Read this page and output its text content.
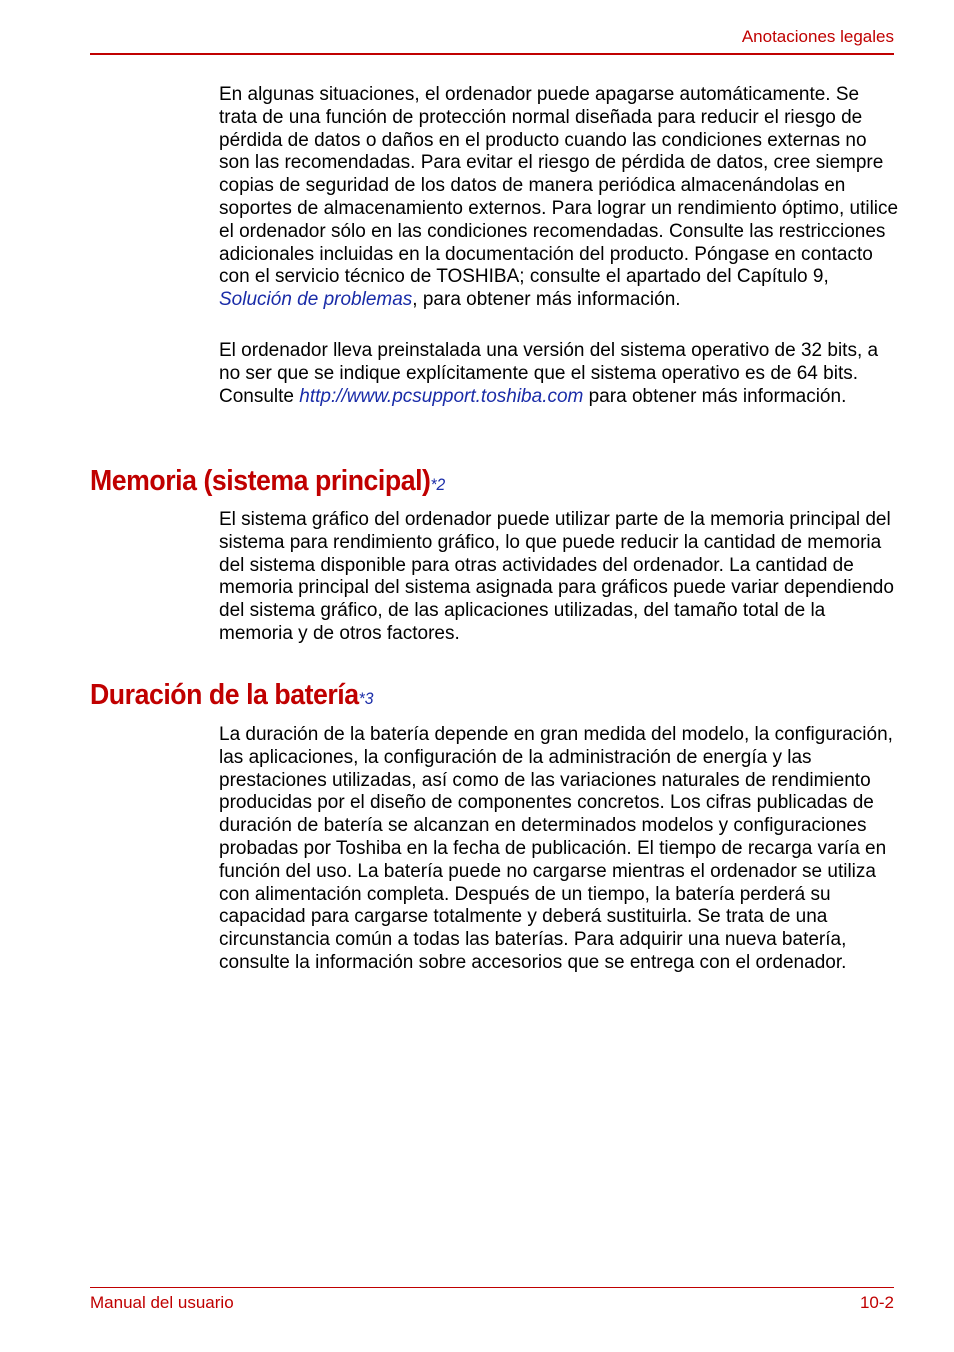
Anotaciones legales

En algunas situaciones, el ordenador puede apagarse automáticamente. Se trata de una función de protección normal diseñada para reducir el riesgo de pérdida de datos o daños en el producto cuando las condiciones externas no son las recomendadas. Para evitar el riesgo de pérdida de datos, cree siempre copias de seguridad de los datos de manera periódica almacenándolas en soportes de almacenamiento externos. Para lograr un rendimiento óptimo, utilice el ordenador sólo en las condiciones recomendadas. Consulte las restricciones adicionales incluidas en la documentación del producto. Póngase en contacto con el servicio técnico de TOSHIBA; consulte el apartado del Capítulo 9, Solución de problemas, para obtener más información.

El ordenador lleva preinstalada una versión del sistema operativo de 32 bits, a no ser que se indique explícitamente que el sistema operativo es de 64 bits. Consulte http://www.pcsupport.toshiba.com para obtener más información.

Memoria (sistema principal)*2

El sistema gráfico del ordenador puede utilizar parte de la memoria principal del sistema para rendimiento gráfico, lo que puede reducir la cantidad de memoria del sistema disponible para otras actividades del ordenador. La cantidad de memoria principal del sistema asignada para gráficos puede variar dependiendo del sistema gráfico, de las aplicaciones utilizadas, del tamaño total de la memoria y de otros factores.

Duración de la batería*3

La duración de la batería depende en gran medida del modelo, la configuración, las aplicaciones, la configuración de la administración de energía y las prestaciones utilizadas, así como de las variaciones naturales de rendimiento producidas por el diseño de componentes concretos. Los cifras publicadas de duración de batería se alcanzan en determinados modelos y configuraciones probadas por Toshiba en la fecha de publicación. El tiempo de recarga varía en función del uso. La batería puede no cargarse mientras el ordenador se utiliza con alimentación completa. Después de un tiempo, la batería perderá su capacidad para cargarse totalmente y deberá sustituirla. Se trata de una circunstancia común a todas las baterías. Para adquirir una nueva batería, consulte la información sobre accesorios que se entrega con el ordenador.

Manual del usuario	10-2
